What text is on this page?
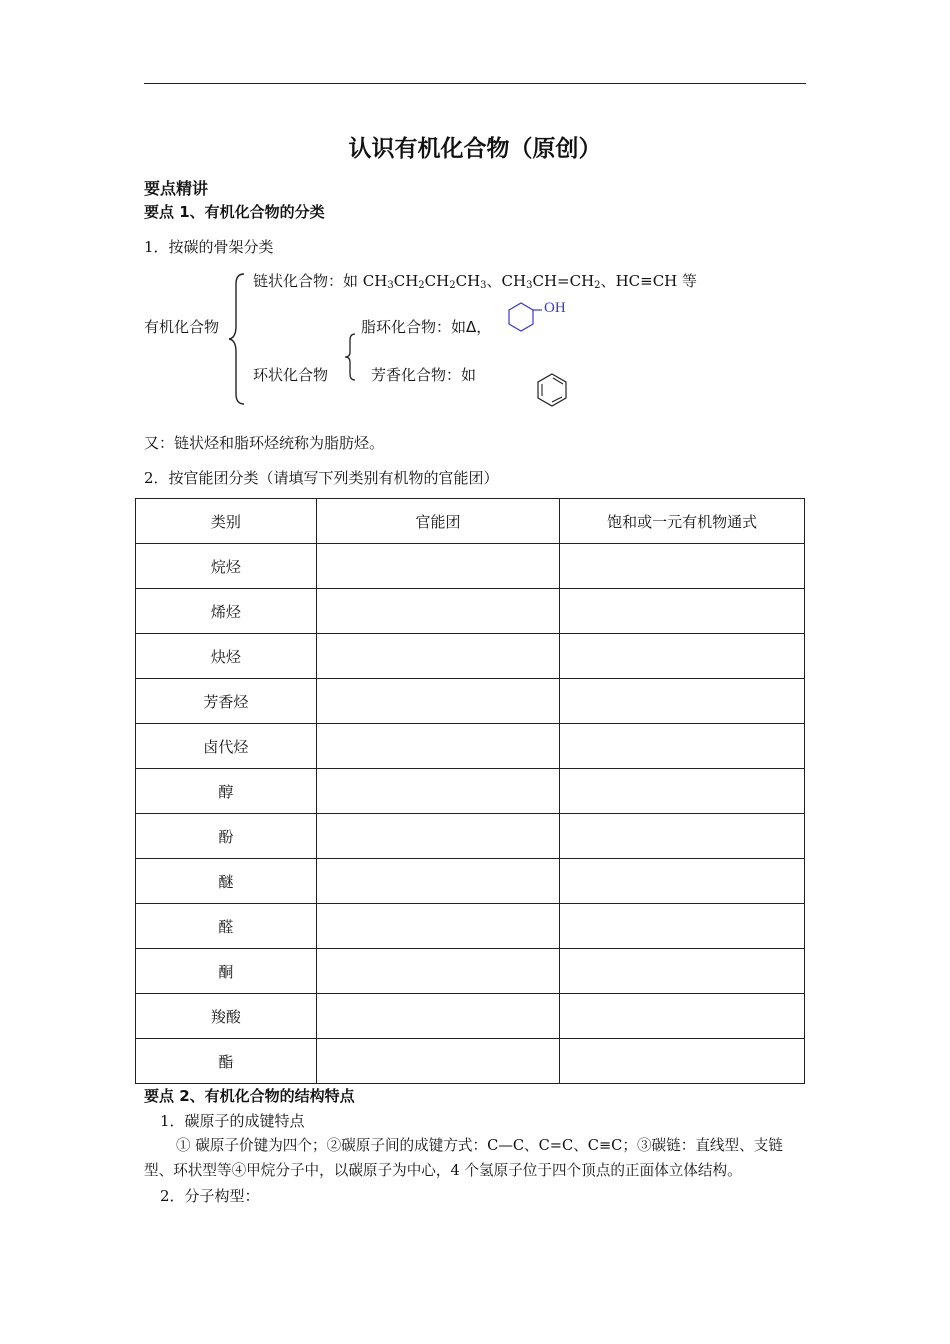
认识有机化合物（原创）
要点精讲
要点 1、有机化合物的分类
1．按碳的骨架分类
有机化合物
链状化合物：如 $CH_3CH_2CH_2CH_3$、$CH_3CH=CH_2$、HC≡CH 等
环状化合物
脂环化合物：如Δ，
OH
芳香化合物：如
又：链状烃和脂环烃统称为脂肪烃。
2．按官能团分类（请填写下列类别有机物的官能团）
类别	官能团	饱和或一元有机物通式
烷烃		
烯烃		
炔烃		
芳香烃		
卤代烃		
醇		
酚		
醚		
醛		
酮		
羧酸		
酯		
要点 2、有机化合物的结构特点
1．碳原子的成键特点
① 碳原子价键为四个；②碳原子间的成键方式：C—C、C=C、C≡C；③碳链：直线型、支链
型、环状型等④甲烷分子中，以碳原子为中心，4 个氢原子位于四个顶点的正面体立体结构。
2．分子构型：
